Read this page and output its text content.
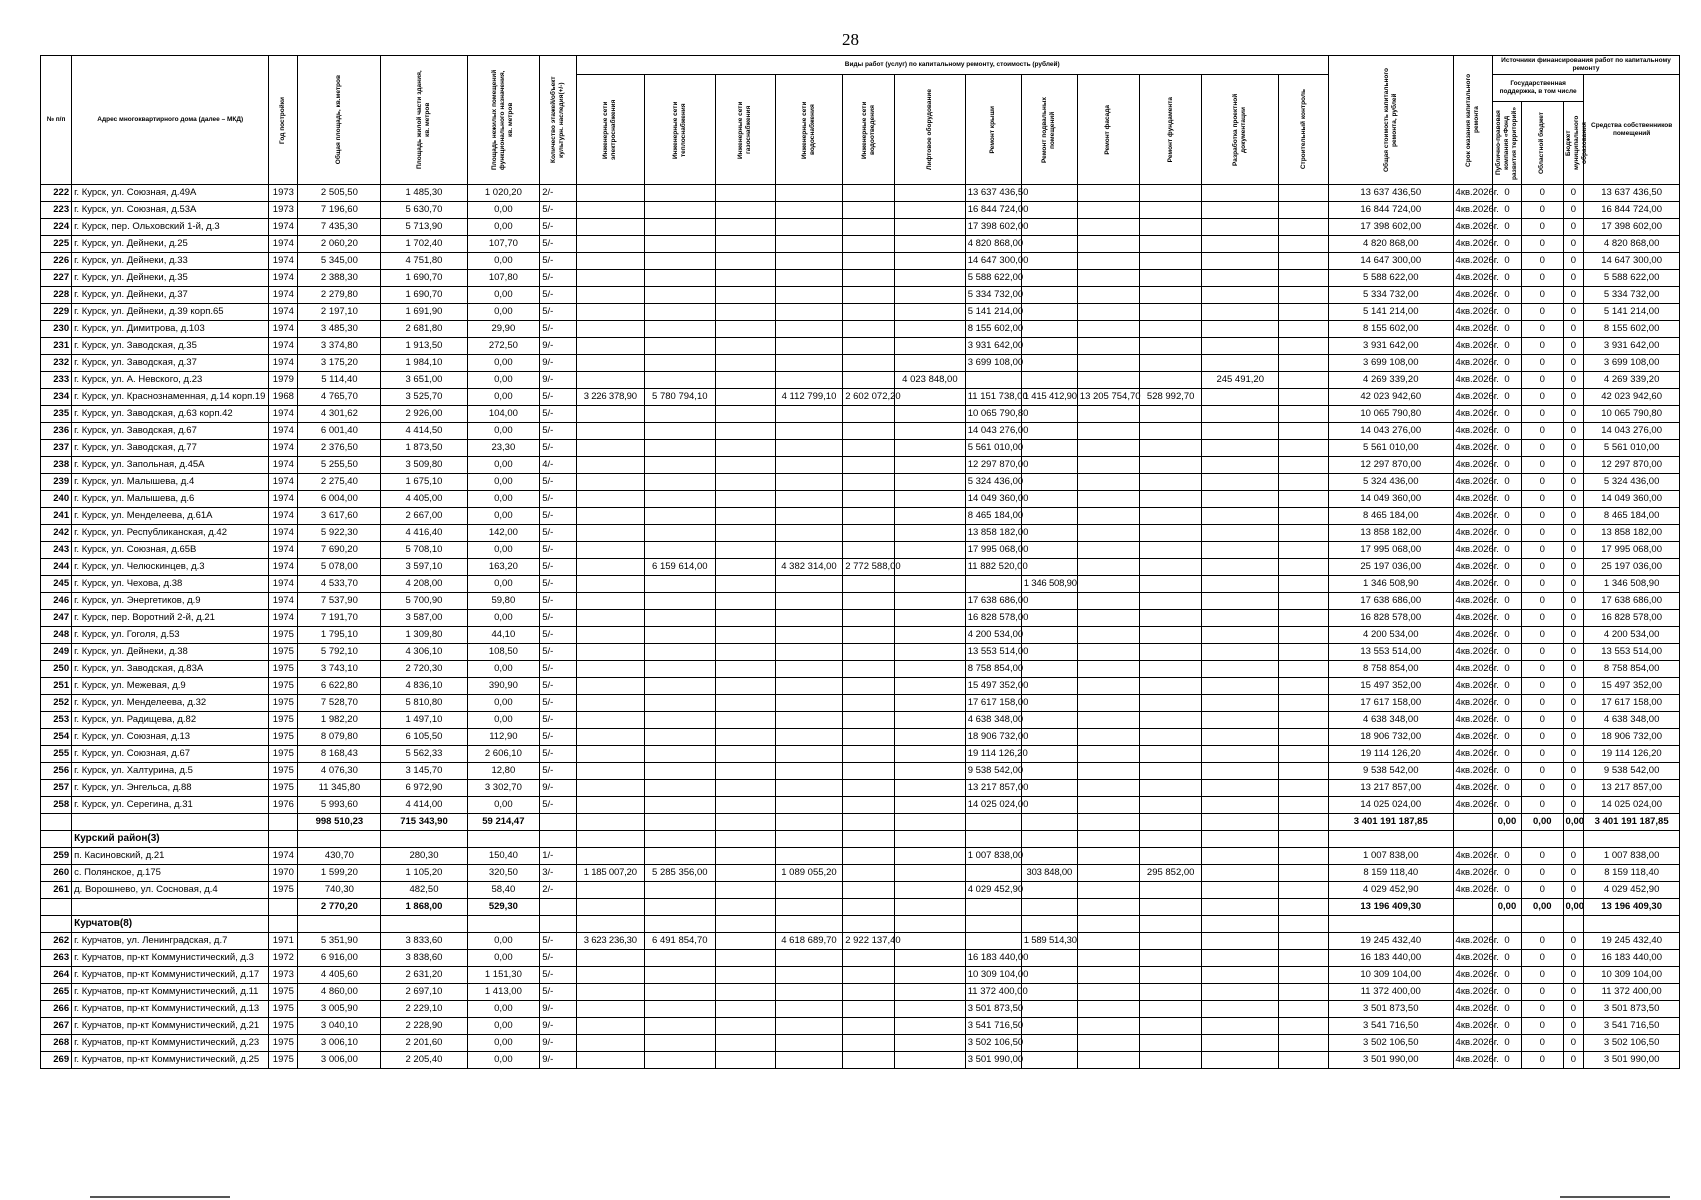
28
№ п/п	Адрес многоквартирного дома (далее – МКД)	Год постройки	Общая площадь, кв.метров	Площадь жилой части здания, кв. метров	Площадь нежилых помещений функционального назначения, кв. метров	Количество этажей/объект культурн. наследия(+/-)	Виды работ (услуг) по капитальному ремонту, стоимость (рублей)												Общая стоимость капитального ремонта, рублей	Срок оказания капитального ремонта	Источники финансирования работ по капитальному ремонту			

							Инженерные сети электроснабжения	Инженерные сети теплоснабжения	Инженерные сети газоснабжения	Инженерные сети водоснабжения	Инженерные сети водоотведения	Лифтовое оборудование	Ремонт крыши	Ремонт подвальных помещений	Ремонт фасада	Ремонт фундамента	Разработка проектной документации	Строительный контроль			Государственная поддержка, в том числе			Средства собственников помещений

																					Публично-правовая компания «Фонд развития территорий»	Областной бюджет	Бюджет муниципального образования	

222	г. Курск, ул. Союзная, д.49А	1973	2 505,50	1 485,30	1 020,20	2/-							13 637 436,50						13 637 436,50	4кв.2026г.	0	0	0	13 637 436,50
223	г. Курск, ул. Союзная, д.53А	1973	7 196,60	5 630,70	0,00	5/-							16 844 724,00						16 844 724,00	4кв.2026г.	0	0	0	16 844 724,00
224	г. Курск, пер. Ольховский 1-й, д.3	1974	7 435,30	5 713,90	0,00	5/-							17 398 602,00						17 398 602,00	4кв.2026г.	0	0	0	17 398 602,00
225	г. Курск, ул. Дейнеки, д.25	1974	2 060,20	1 702,40	107,70	5/-							4 820 868,00						4 820 868,00	4кв.2026г.	0	0	0	4 820 868,00
226	г. Курск, ул. Дейнеки, д.33	1974	5 345,00	4 751,80	0,00	5/-							14 647 300,00						14 647 300,00	4кв.2026г.	0	0	0	14 647 300,00
227	г. Курск, ул. Дейнеки, д.35	1974	2 388,30	1 690,70	107,80	5/-							5 588 622,00						5 588 622,00	4кв.2026г.	0	0	0	5 588 622,00
228	г. Курск, ул. Дейнеки, д.37	1974	2 279,80	1 690,70	0,00	5/-							5 334 732,00						5 334 732,00	4кв.2026г.	0	0	0	5 334 732,00
229	г. Курск, ул. Дейнеки, д.39 корп.65	1974	2 197,10	1 691,90	0,00	5/-							5 141 214,00						5 141 214,00	4кв.2026г.	0	0	0	5 141 214,00
230	г. Курск, ул. Димитрова, д.103	1974	3 485,30	2 681,80	29,90	5/-							8 155 602,00						8 155 602,00	4кв.2026г.	0	0	0	8 155 602,00
231	г. Курск, ул. Заводская, д.35	1974	3 374,80	1 913,50	272,50	9/-							3 931 642,00						3 931 642,00	4кв.2026г.	0	0	0	3 931 642,00
232	г. Курск, ул. Заводская, д.37	1974	3 175,20	1 984,10	0,00	9/-							3 699 108,00						3 699 108,00	4кв.2026г.	0	0	0	3 699 108,00
233	г. Курск, ул. А. Невского, д.23	1979	5 114,40	3 651,00	0,00	9/-						4 023 848,00					245 491,20		4 269 339,20	4кв.2026г.	0	0	0	4 269 339,20
234	г. Курск, ул. Краснознаменная, д.14 корп.19	1968	4 765,70	3 525,70	0,00	5/-	3 226 378,90	5 780 794,10		4 112 799,10	2 602 072,20		11 151 738,00	1 415 412,90	13 205 754,70	528 992,70			42 023 942,60	4кв.2026г.	0	0	0	42 023 942,60
235	г. Курск, ул. Заводская, д.63 корп.42	1974	4 301,62	2 926,00	104,00	5/-							10 065 790,80						10 065 790,80	4кв.2026г.	0	0	0	10 065 790,80
236	г. Курск, ул. Заводская, д.67	1974	6 001,40	4 414,50	0,00	5/-							14 043 276,00						14 043 276,00	4кв.2026г.	0	0	0	14 043 276,00
237	г. Курск, ул. Заводская, д.77	1974	2 376,50	1 873,50	23,30	5/-							5 561 010,00						5 561 010,00	4кв.2026г.	0	0	0	5 561 010,00
238	г. Курск, ул. Запольная, д.45А	1974	5 255,50	3 509,80	0,00	4/-							12 297 870,00						12 297 870,00	4кв.2026г.	0	0	0	12 297 870,00
239	г. Курск, ул. Малышева, д.4	1974	2 275,40	1 675,10	0,00	5/-							5 324 436,00						5 324 436,00	4кв.2026г.	0	0	0	5 324 436,00
240	г. Курск, ул. Малышева, д.6	1974	6 004,00	4 405,00	0,00	5/-							14 049 360,00						14 049 360,00	4кв.2026г.	0	0	0	14 049 360,00
241	г. Курск, ул. Менделеева, д.61А	1974	3 617,60	2 667,00	0,00	5/-							8 465 184,00						8 465 184,00	4кв.2026г.	0	0	0	8 465 184,00
242	г. Курск, ул. Республиканская, д.42	1974	5 922,30	4 416,40	142,00	5/-							13 858 182,00						13 858 182,00	4кв.2026г.	0	0	0	13 858 182,00
243	г. Курск, ул. Союзная, д.65В	1974	7 690,20	5 708,10	0,00	5/-							17 995 068,00						17 995 068,00	4кв.2026г.	0	0	0	17 995 068,00
244	г. Курск, ул. Челюскинцев, д.3	1974	5 078,00	3 597,10	163,20	5/-		6 159 614,00		4 382 314,00	2 772 588,00		11 882 520,00						25 197 036,00	4кв.2026г.	0	0	0	25 197 036,00
245	г. Курск, ул. Чехова, д.38	1974	4 533,70	4 208,00	0,00	5/-								1 346 508,90					1 346 508,90	4кв.2026г.	0	0	0	1 346 508,90
246	г. Курск, ул. Энергетиков, д.9	1974	7 537,90	5 700,90	59,80	5/-							17 638 686,00						17 638 686,00	4кв.2026г.	0	0	0	17 638 686,00
247	г. Курск, пер. Воротний 2-й, д.21	1974	7 191,70	3 587,00	0,00	5/-							16 828 578,00						16 828 578,00	4кв.2026г.	0	0	0	16 828 578,00
248	г. Курск, ул. Гоголя, д.53	1975	1 795,10	1 309,80	44,10	5/-							4 200 534,00						4 200 534,00	4кв.2026г.	0	0	0	4 200 534,00
249	г. Курск, ул. Дейнеки, д.38	1975	5 792,10	4 306,10	108,50	5/-							13 553 514,00						13 553 514,00	4кв.2026г.	0	0	0	13 553 514,00
250	г. Курск, ул. Заводская, д.83А	1975	3 743,10	2 720,30	0,00	5/-							8 758 854,00						8 758 854,00	4кв.2026г.	0	0	0	8 758 854,00
251	г. Курск, ул. Межевая, д.9	1975	6 622,80	4 836,10	390,90	5/-							15 497 352,00						15 497 352,00	4кв.2026г.	0	0	0	15 497 352,00
252	г. Курск, ул. Менделеева, д.32	1975	7 528,70	5 810,80	0,00	5/-							17 617 158,00						17 617 158,00	4кв.2026г.	0	0	0	17 617 158,00
253	г. Курск, ул. Радищева, д.82	1975	1 982,20	1 497,10	0,00	5/-							4 638 348,00						4 638 348,00	4кв.2026г.	0	0	0	4 638 348,00
254	г. Курск, ул. Союзная, д.13	1975	8 079,80	6 105,50	112,90	5/-							18 906 732,00						18 906 732,00	4кв.2026г.	0	0	0	18 906 732,00
255	г. Курск, ул. Союзная, д.67	1975	8 168,43	5 562,33	2 606,10	5/-							19 114 126,20						19 114 126,20	4кв.2026г.	0	0	0	19 114 126,20
256	г. Курск, ул. Халтурина, д.5	1975	4 076,30	3 145,70	12,80	5/-							9 538 542,00						9 538 542,00	4кв.2026г.	0	0	0	9 538 542,00
257	г. Курск, ул. Энгельса, д.88	1975	11 345,80	6 972,90	3 302,70	9/-							13 217 857,00						13 217 857,00	4кв.2026г.	0	0	0	13 217 857,00
258	г. Курск, ул. Серегина, д.31	1976	5 993,60	4 414,00	0,00	5/-							14 025 024,00						14 025 024,00	4кв.2026г.	0	0	0	14 025 024,00
			998 510,23	715 343,90	59 214,47														3 401 191 187,85		0,00	0,00	0,00	3 401 191 187,85
	Курский район(3)																							
259	п. Касиновский, д.21	1974	430,70	280,30	150,40	1/-							1 007 838,00						1 007 838,00	4кв.2026г.	0	0	0	1 007 838,00
260	с. Полянское, д.175	1970	1 599,20	1 105,20	320,50	3/-	1 185 007,20	5 285 356,00		1 089 055,20				303 848,00		295 852,00			8 159 118,40	4кв.2026г.	0	0	0	8 159 118,40
261	д. Ворошнево, ул. Сосновая, д.4	1975	740,30	482,50	58,40	2/-							4 029 452,90						4 029 452,90	4кв.2026г.	0	0	0	4 029 452,90
			2 770,20	1 868,00	529,30														13 196 409,30		0,00	0,00	0,00	13 196 409,30
	Курчатов(8)																							
262	г. Курчатов, ул. Ленинградская, д.7	1971	5 351,90	3 833,60	0,00	5/-	3 623 236,30	6 491 854,70		4 618 689,70	2 922 137,40			1 589 514,30					19 245 432,40	4кв.2026г.	0	0	0	19 245 432,40
263	г. Курчатов, пр-кт Коммунистический, д.3	1972	6 916,00	3 838,60	0,00	5/-							16 183 440,00						16 183 440,00	4кв.2026г.	0	0	0	16 183 440,00
264	г. Курчатов, пр-кт Коммунистический, д.17	1973	4 405,60	2 631,20	1 151,30	5/-							10 309 104,00						10 309 104,00	4кв.2026г.	0	0	0	10 309 104,00
265	г. Курчатов, пр-кт Коммунистический, д.11	1975	4 860,00	2 697,10	1 413,00	5/-							11 372 400,00						11 372 400,00	4кв.2026г.	0	0	0	11 372 400,00
266	г. Курчатов, пр-кт Коммунистический, д.13	1975	3 005,90	2 229,10	0,00	9/-							3 501 873,50						3 501 873,50	4кв.2026г.	0	0	0	3 501 873,50
267	г. Курчатов, пр-кт Коммунистический, д.21	1975	3 040,10	2 228,90	0,00	9/-							3 541 716,50						3 541 716,50	4кв.2026г.	0	0	0	3 541 716,50
268	г. Курчатов, пр-кт Коммунистический, д.23	1975	3 006,10	2 201,60	0,00	9/-							3 502 106,50						3 502 106,50	4кв.2026г.	0	0	0	3 502 106,50
269	г. Курчатов, пр-кт Коммунистический, д.25	1975	3 006,00	2 205,40	0,00	9/-							3 501 990,00						3 501 990,00	4кв.2026г.	0	0	0	3 501 990,00
